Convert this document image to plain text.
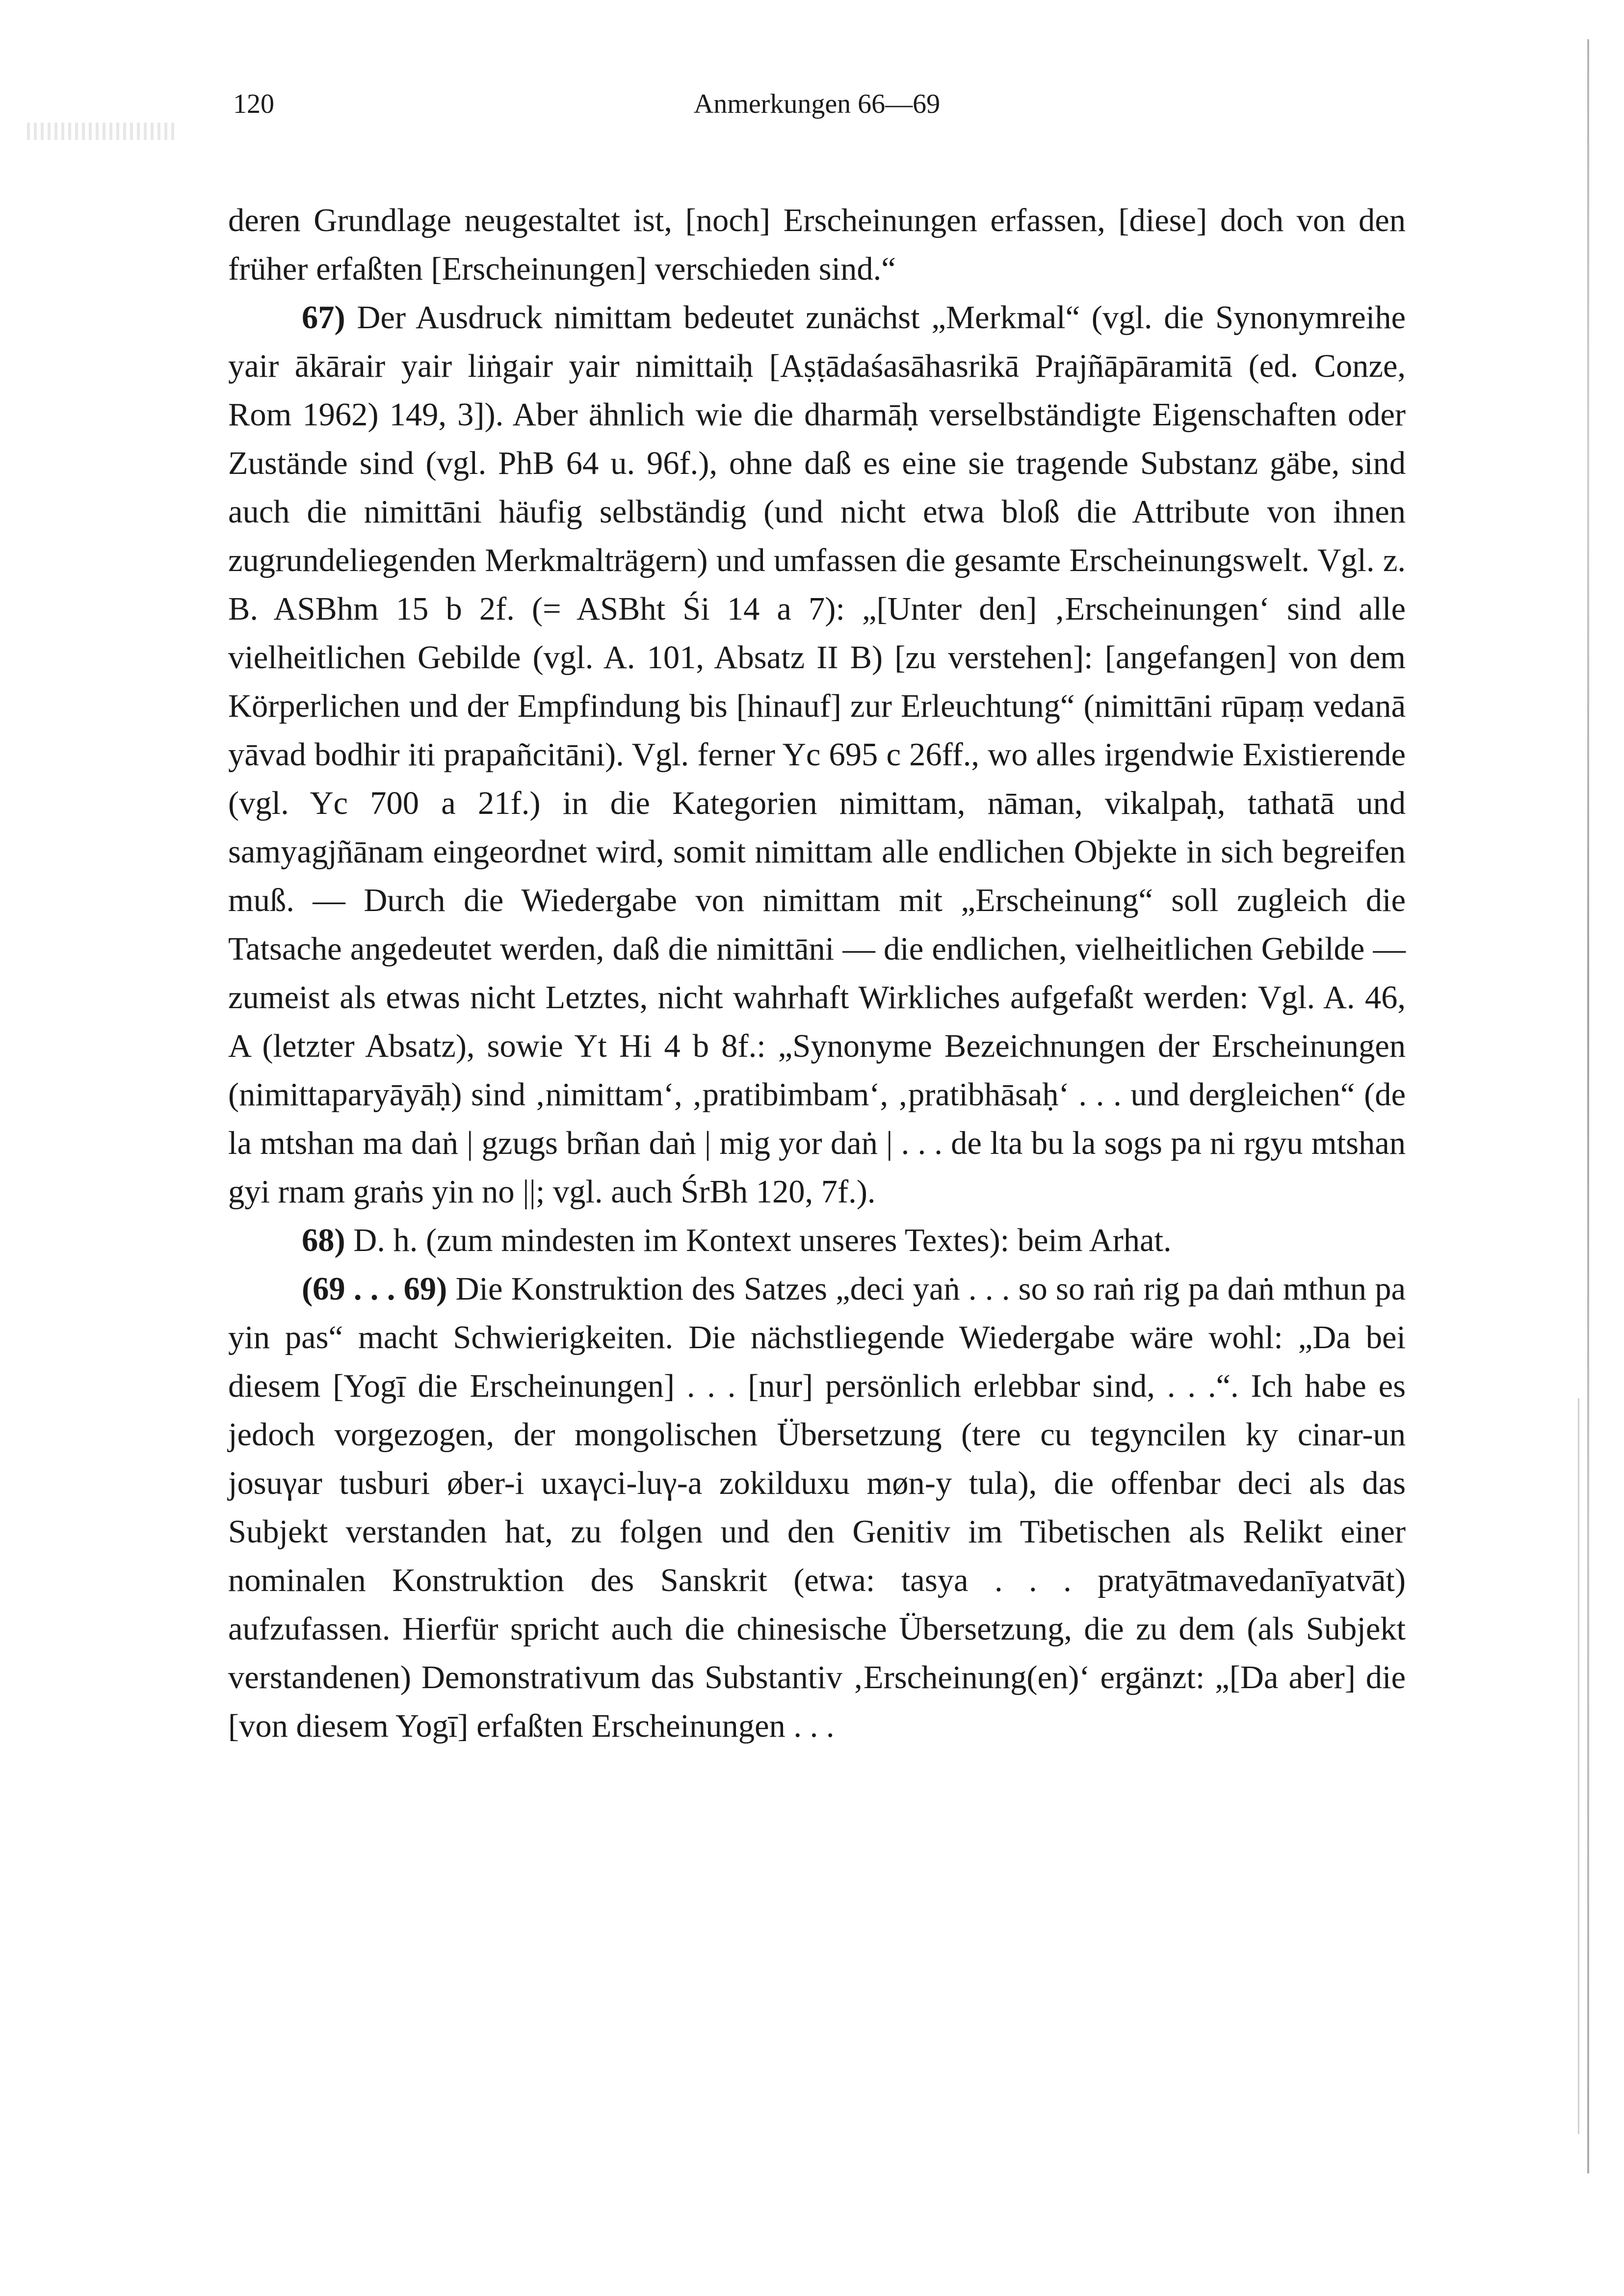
120	Anmerkungen 66—69

deren Grundlage neugestaltet ist, [noch] Erscheinungen erfassen, [diese] doch von den früher erfaßten [Erscheinungen] verschieden sind.“

67) Der Ausdruck nimittam bedeutet zunächst „Merkmal“ (vgl. die Synonymreihe yair ākārair yair liṅgair yair nimittaiḥ [Aṣṭādaśasāhasrikā Prajñāpāramitā (ed. Conze, Rom 1962) 149, 3]). Aber ähnlich wie die dharmāḥ verselbständigte Eigenschaften oder Zustände sind (vgl. PhB 64 u. 96f.), ohne daß es eine sie tragende Substanz gäbe, sind auch die nimittāni häufig selbständig (und nicht etwa bloß die Attribute von ihnen zugrundeliegenden Merkmalträgern) und umfassen die gesamte Erscheinungswelt. Vgl. z. B. ASBhm 15 b 2f. (= ASBht Śi 14 a 7): „[Unter den] ‚Erscheinungen‘ sind alle vielheitlichen Gebilde (vgl. A. 101, Absatz II B) [zu verstehen]: [angefangen] von dem Körperlichen und der Empfindung bis [hinauf] zur Erleuchtung“ (nimittāni rūpaṃ vedanā yāvad bodhir iti prapañcitāni). Vgl. ferner Yc 695 c 26ff., wo alles irgendwie Existierende (vgl. Yc 700 a 21f.) in die Kategorien nimittam, nāman, vikalpaḥ, tathatā und samyagjñānam eingeordnet wird, somit nimittam alle endlichen Objekte in sich begreifen muß. — Durch die Wiedergabe von nimittam mit „Erscheinung“ soll zugleich die Tatsache angedeutet werden, daß die nimittāni — die endlichen, vielheitlichen Gebilde — zumeist als etwas nicht Letztes, nicht wahrhaft Wirkliches aufgefaßt werden: Vgl. A. 46, A (letzter Absatz), sowie Yt Hi 4 b 8f.: „Synonyme Bezeichnungen der Erscheinungen (nimittaparyāyāḥ) sind ‚nimittam‘, ‚pratibimbam‘, ‚pratibhāsaḥ‘ . . . und dergleichen“ (de la mtshan ma daṅ | gzugs brñan daṅ | mig yor daṅ | . . . de lta bu la sogs pa ni rgyu mtshan gyi rnam graṅs yin no ||; vgl. auch ŚrBh 120, 7f.).

68) D. h. (zum mindesten im Kontext unseres Textes): beim Arhat.

(69 . . . 69) Die Konstruktion des Satzes „deci yaṅ . . . so so raṅ rig pa daṅ mthun pa yin pas“ macht Schwierigkeiten. Die nächstliegende Wiedergabe wäre wohl: „Da bei diesem [Yogī die Erscheinungen] . . . [nur] persönlich erlebbar sind, . . .“. Ich habe es jedoch vorgezogen, der mongolischen Übersetzung (tere cu tegyncilen ky cinar-un josuγar tusburi øber-i uxaγci-luγ-a zokilduxu møn-y tula), die offenbar deci als das Subjekt verstanden hat, zu folgen und den Genitiv im Tibetischen als Relikt einer nominalen Konstruktion des Sanskrit (etwa: tasya . . . pratyātmavedanīyatvāt) aufzufassen. Hierfür spricht auch die chinesische Übersetzung, die zu dem (als Subjekt verstandenen) Demonstrativum das Substantiv ‚Erscheinung(en)‘ ergänzt: „[Da aber] die [von diesem Yogī] erfaßten Erscheinungen . . .
